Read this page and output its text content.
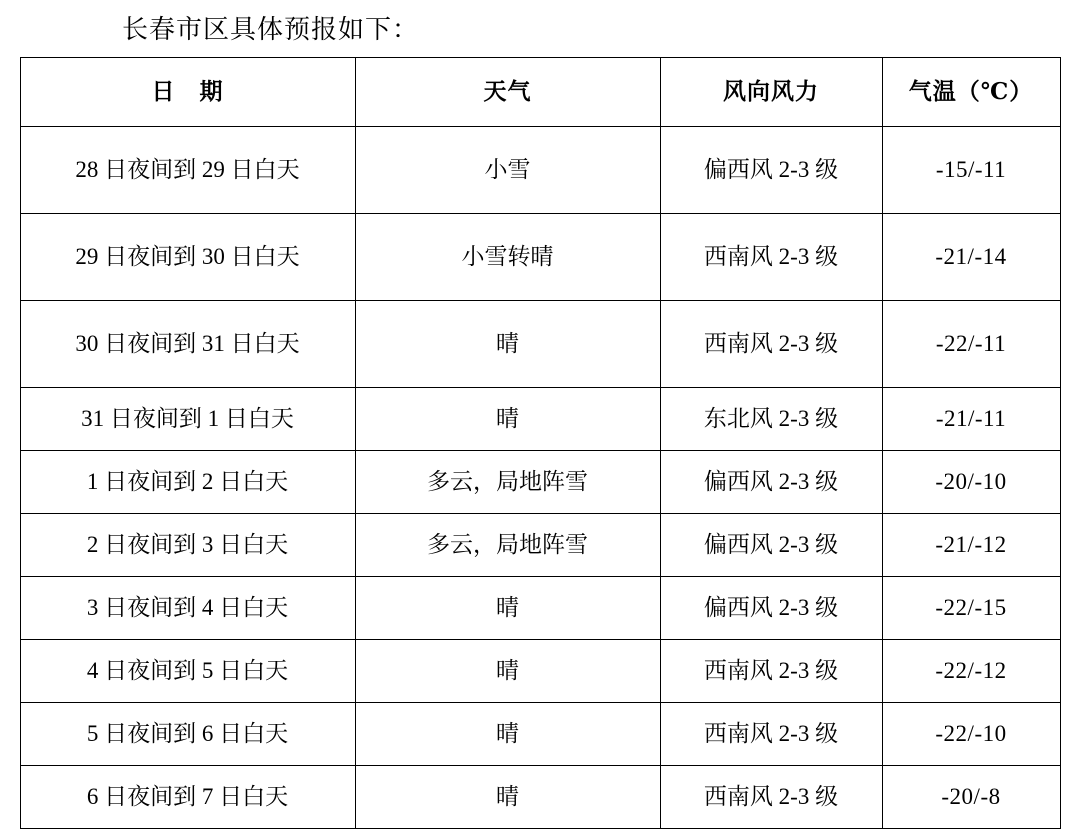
长春市区具体预报如下：
日　期	天气	风向风力	气温（℃）
28 日夜间到 29 日白天	小雪	偏西风 2-3 级	-15/-11
29 日夜间到 30 日白天	小雪转晴	西南风 2-3 级	-21/-14
30 日夜间到 31 日白天	晴	西南风 2-3 级	-22/-11
31 日夜间到 1 日白天	晴	东北风 2-3 级	-21/-11
1 日夜间到 2 日白天	多云，局地阵雪	偏西风 2-3 级	-20/-10
2 日夜间到 3 日白天	多云，局地阵雪	偏西风 2-3 级	-21/-12
3 日夜间到 4 日白天	晴	偏西风 2-3 级	-22/-15
4 日夜间到 5 日白天	晴	西南风 2-3 级	-22/-12
5 日夜间到 6 日白天	晴	西南风 2-3 级	-22/-10
6 日夜间到 7 日白天	晴	西南风 2-3 级	-20/-8
